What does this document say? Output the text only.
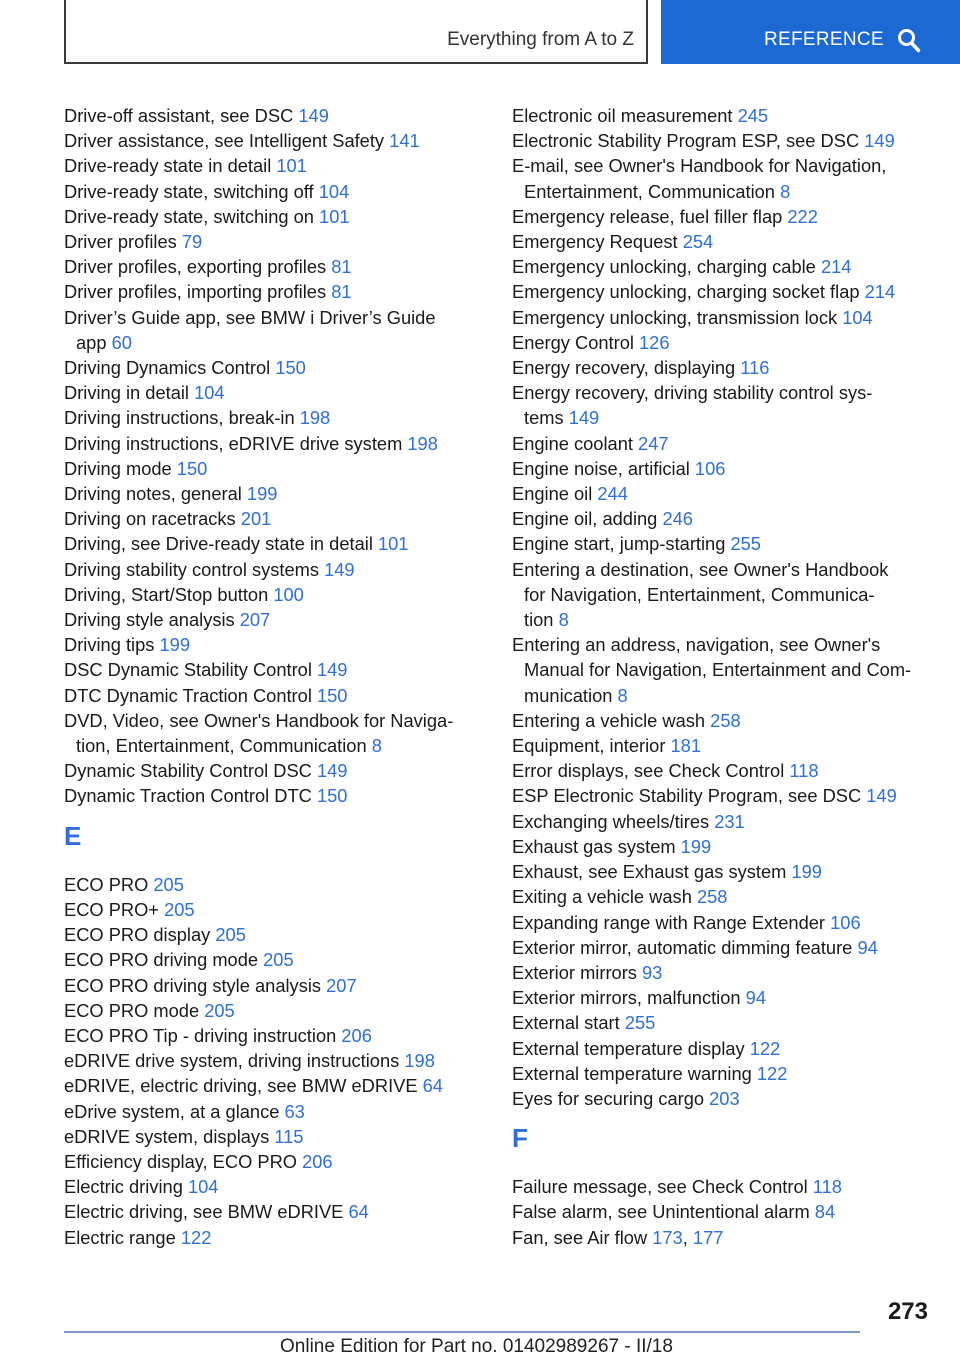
Everything from A to Z	REFERENCE
Drive-off assistant, see DSC 149
Driver assistance, see Intelligent Safety 141
Drive-ready state in detail 101
Drive-ready state, switching off 104
Drive-ready state, switching on 101
Driver profiles 79
Driver profiles, exporting profiles 81
Driver profiles, importing profiles 81
Driver’s Guide app, see BMW i Driver’s Guide
app 60
Driving Dynamics Control 150
Driving in detail 104
Driving instructions, break-in 198
Driving instructions, eDRIVE drive system 198
Driving mode 150
Driving notes, general 199
Driving on racetracks 201
Driving, see Drive-ready state in detail 101
Driving stability control systems 149
Driving, Start/Stop button 100
Driving style analysis 207
Driving tips 199
DSC Dynamic Stability Control 149
DTC Dynamic Traction Control 150
DVD, Video, see Owner's Handbook for Naviga-
tion, Entertainment, Communication 8
Dynamic Stability Control DSC 149
Dynamic Traction Control DTC 150
E
ECO PRO 205
ECO PRO+ 205
ECO PRO display 205
ECO PRO driving mode 205
ECO PRO driving style analysis 207
ECO PRO mode 205
ECO PRO Tip - driving instruction 206
eDRIVE drive system, driving instructions 198
eDRIVE, electric driving, see BMW eDRIVE 64
eDrive system, at a glance 63
eDRIVE system, displays 115
Efficiency display, ECO PRO 206
Electric driving 104
Electric driving, see BMW eDRIVE 64
Electric range 122
Electronic oil measurement 245
Electronic Stability Program ESP, see DSC 149
E-mail, see Owner's Handbook for Navigation,
Entertainment, Communication 8
Emergency release, fuel filler flap 222
Emergency Request 254
Emergency unlocking, charging cable 214
Emergency unlocking, charging socket flap 214
Emergency unlocking, transmission lock 104
Energy Control 126
Energy recovery, displaying 116
Energy recovery, driving stability control sys-
tems 149
Engine coolant 247
Engine noise, artificial 106
Engine oil 244
Engine oil, adding 246
Engine start, jump-starting 255
Entering a destination, see Owner's Handbook
for Navigation, Entertainment, Communica-
tion 8
Entering an address, navigation, see Owner's
Manual for Navigation, Entertainment and Com-
munication 8
Entering a vehicle wash 258
Equipment, interior 181
Error displays, see Check Control 118
ESP Electronic Stability Program, see DSC 149
Exchanging wheels/tires 231
Exhaust gas system 199
Exhaust, see Exhaust gas system 199
Exiting a vehicle wash 258
Expanding range with Range Extender 106
Exterior mirror, automatic dimming feature 94
Exterior mirrors 93
Exterior mirrors, malfunction 94
External start 255
External temperature display 122
External temperature warning 122
Eyes for securing cargo 203
F
Failure message, see Check Control 118
False alarm, see Unintentional alarm 84
Fan, see Air flow 173, 177
273
Online Edition for Part no. 01402989267 - II/18
